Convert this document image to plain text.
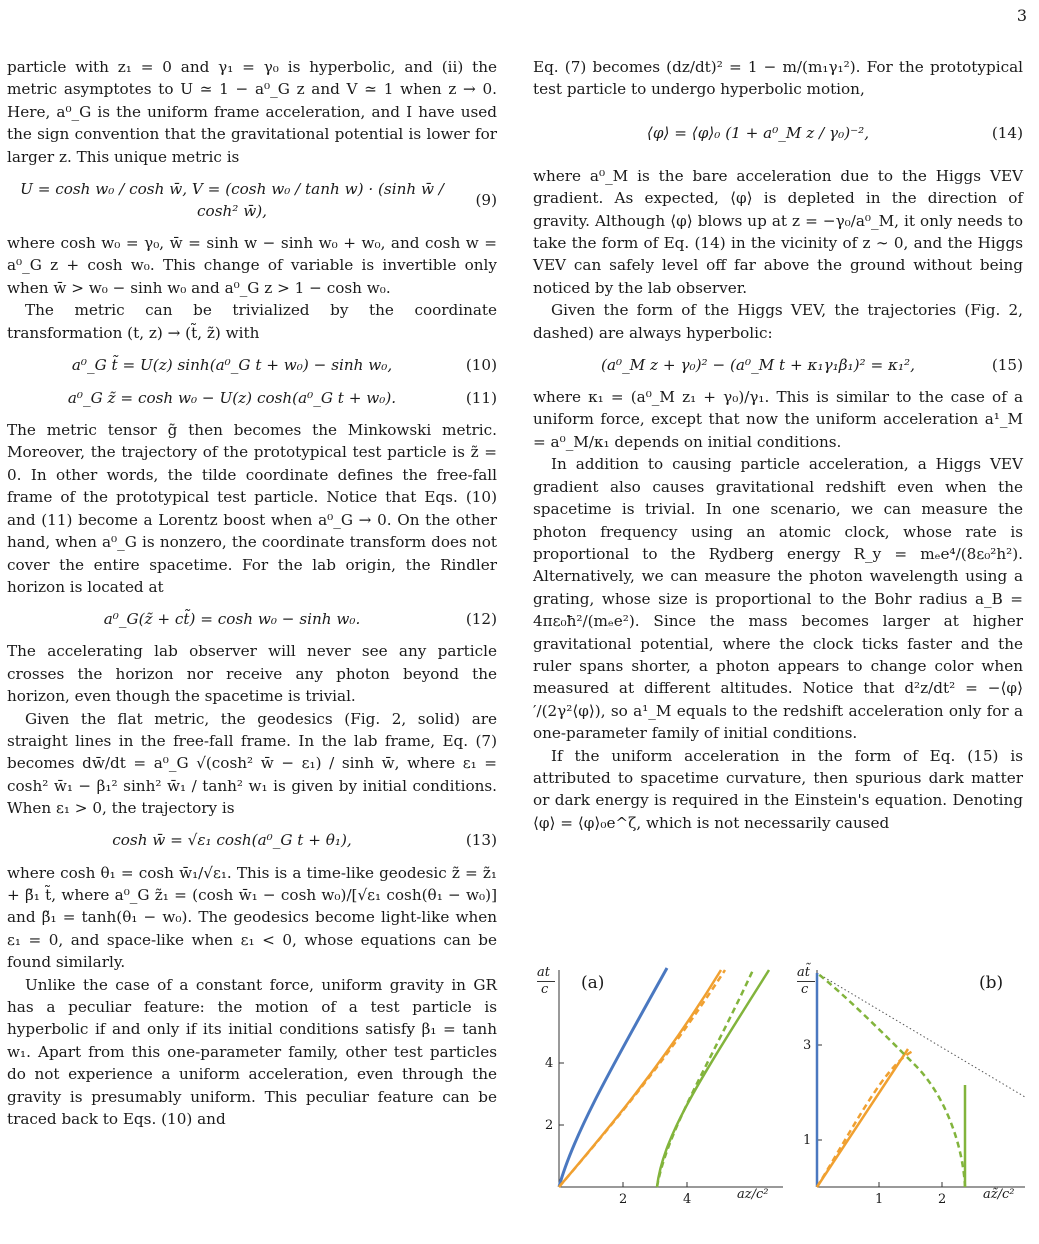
3

particle with z₁ = 0 and γ₁ = γ₀ is hyperbolic, and (ii) the metric asymptotes to U ≃ 1 − a⁰_G z and V ≃ 1 when z → 0. Here, a⁰_G is the uniform frame acceleration, and I have used the sign convention that the gravitational potential is lower for larger z. This unique metric is

U = cosh w₀ / cosh w̄, V = (cosh w₀ / tanh w) · (sinh w̄ / cosh² w̄),
(9)

where cosh w₀ = γ₀, w̄ = sinh w − sinh w₀ + w₀, and cosh w = a⁰_G z + cosh w₀. This change of variable is invertible only when w̄ > w₀ − sinh w₀ and a⁰_G z > 1 − cosh w₀.

The metric can be trivialized by the coordinate transformation (t, z) → (t̃, z̃) with

a⁰_G t̃ = U(z) sinh(a⁰_G t + w₀) − sinh w₀,	(10)
a⁰_G z̃ = cosh w₀ − U(z) cosh(a⁰_G t + w₀).	(11)

The metric tensor g̃ then becomes the Minkowski metric. Moreover, the trajectory of the prototypical test particle is z̃ = 0. In other words, the tilde coordinate defines the free-fall frame of the prototypical test particle. Notice that Eqs. (10) and (11) become a Lorentz boost when a⁰_G → 0. On the other hand, when a⁰_G is nonzero, the coordinate transform does not cover the entire spacetime. For the lab origin, the Rindler horizon is located at

a⁰_G(z̃ + ct̃) = cosh w₀ − sinh w₀.	(12)

The accelerating lab observer will never see any particle crosses the horizon nor receive any photon beyond the horizon, even though the spacetime is trivial.

Given the flat metric, the geodesics (Fig. 2, solid) are straight lines in the free-fall frame. In the lab frame, Eq. (7) becomes dw̄/dt = a⁰_G √(cosh² w̄ − ε₁) / sinh w̄, where ε₁ = cosh² w̄₁ − β₁² sinh² w̄₁ / tanh² w₁ is given by initial conditions. When ε₁ > 0, the trajectory is

cosh w̄ = √ε₁ cosh(a⁰_G t + θ₁),	(13)

where cosh θ₁ = cosh w̄₁/√ε₁. This is a time-like geodesic z̃ = z̃₁ + β̃₁ t̃, where a⁰_G z̃₁ = (cosh w̄₁ − cosh w₀)/[√ε₁ cosh(θ₁ − w₀)] and β̃₁ = tanh(θ₁ − w₀). The geodesics become light-like when ε₁ = 0, and space-like when ε₁ < 0, whose equations can be found similarly.

Unlike the case of a constant force, uniform gravity in GR has a peculiar feature: the motion of a test particle is hyperbolic if and only if its initial conditions satisfy β₁ = tanh w₁. Apart from this one-parameter family, other test particles do not experience a uniform acceleration, even through the gravity is presumably uniform. This peculiar feature can be traced back to Eqs. (10) and

Eq. (7) becomes (dz/dt)² = 1 − m/(m₁γ₁²). For the prototypical test particle to undergo hyperbolic motion,

⟨φ⟩ = ⟨φ⟩₀ (1 + a⁰_M z / γ₀)⁻²,	(14)

where a⁰_M is the bare acceleration due to the Higgs VEV gradient. As expected, ⟨φ⟩ is depleted in the direction of gravity. Although ⟨φ⟩ blows up at z = −γ₀/a⁰_M, it only needs to take the form of Eq. (14) in the vicinity of z ∼ 0, and the Higgs VEV can safely level off far above the ground without being noticed by the lab observer.

Given the form of the Higgs VEV, the trajectories (Fig. 2, dashed) are always hyperbolic:

(a⁰_M z + γ₀)² − (a⁰_M t + κ₁γ₁β₁)² = κ₁²,	(15)

where κ₁ = (a⁰_M z₁ + γ₀)/γ₁. This is similar to the case of a uniform force, except that now the uniform acceleration a¹_M = a⁰_M/κ₁ depends on initial conditions.

In addition to causing particle acceleration, a Higgs VEV gradient also causes gravitational redshift even when the spacetime is trivial. In one scenario, we can measure the photon frequency using an atomic clock, whose rate is proportional to the Rydberg energy R_y = mₑe⁴/(8ε₀²h²). Alternatively, we can measure the photon wavelength using a grating, whose size is proportional to the Bohr radius a_B = 4πε₀ħ²/(mₑe²). Since the mass becomes larger at higher gravitational potential, where the clock ticks faster and the ruler spans shorter, a photon appears to change color when measured at different altitudes. Notice that d²z/dt² = −⟨φ⟩′/(2γ²⟨φ⟩), so a¹_M equals to the redshift acceleration only for a one-parameter family of initial conditions.

If the uniform acceleration in the form of Eq. (15) is attributed to spacetime curvature, then spurious dark matter or dark energy is required in the Einstein's equation. Denoting ⟨φ⟩ = ⟨φ⟩₀e^ζ, which is not necessarily caused

2	4
2
4
at
c (a)
az/c²	1	2
1
3
at̃
c	(b)
az̃/c²
